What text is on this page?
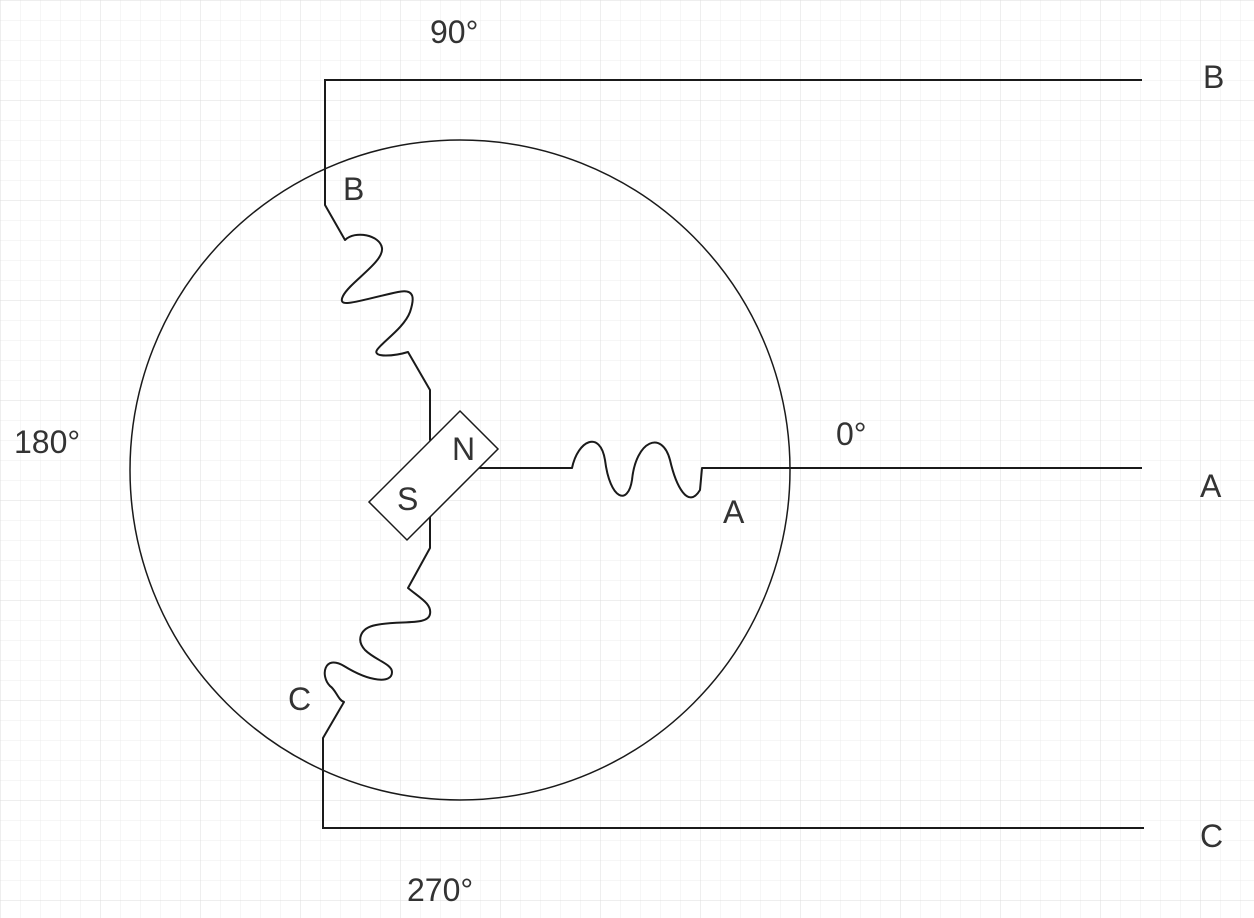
90°
180°	0°
270°
B
A
C
B
A
C
N
S
